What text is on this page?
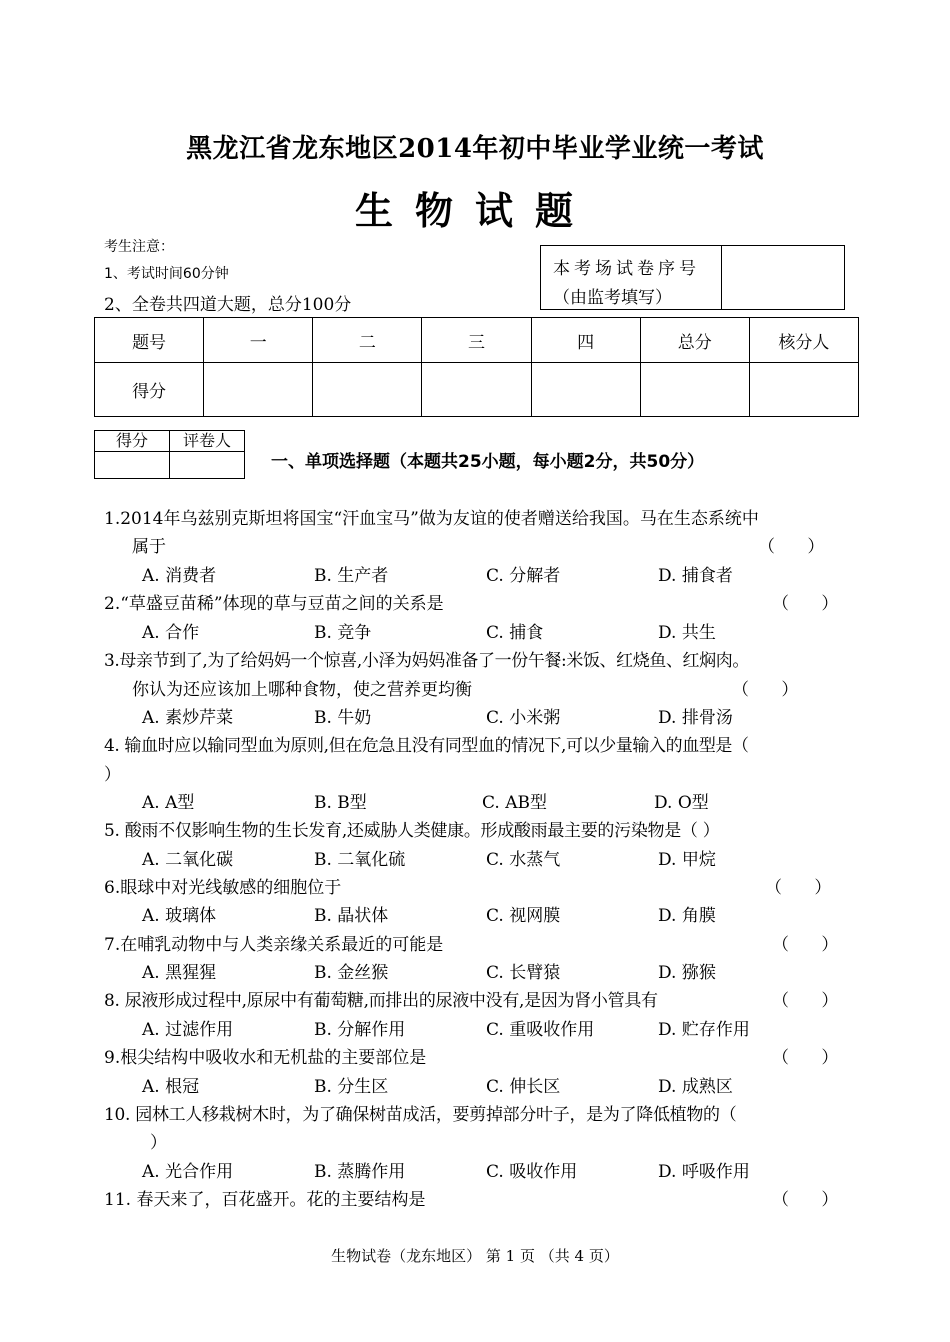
黑龙江省龙东地区2014年初中毕业学业统一考试
生物试题
考生注意：
1、考试时间60分钟
2、全卷共四道大题，总分100分
本考场试卷序号
（由监考填写）
题号	一	二	三	四	总分	核分人
得分						
得分	评卷人

一、单项选择题（本题共25小题，每小题2分，共50分）
1.2014年乌兹别克斯坦将国宝“汗血宝马”做为友谊的使者赠送给我国。马在生态系统中
属于	（      ）
A. 消费者	B. 生产者	C. 分解者	D. 捕食者
2.“草盛豆苗稀”体现的草与豆苗之间的关系是	（      ）
A. 合作	B. 竞争	C. 捕食	D. 共生
3.母亲节到了,为了给妈妈一个惊喜,小泽为妈妈准备了一份午餐:米饭、红烧鱼、红焖肉。
你认为还应该加上哪种食物，使之营养更均衡	（      ）
A. 素炒芹菜	B. 牛奶	C. 小米粥	D. 排骨汤
4. 输血时应以输同型血为原则,但在危急且没有同型血的情况下,可以少量输入的血型是（
）
A. A型	B. B型	C. AB型	D. O型
5. 酸雨不仅影响生物的生长发育,还威胁人类健康。形成酸雨最主要的污染物是（ ）
A. 二氧化碳	B. 二氧化硫	C. 水蒸气	D. 甲烷
6.眼球中对光线敏感的细胞位于	（      ）
A. 玻璃体	B. 晶状体	C. 视网膜	D. 角膜
7.在哺乳动物中与人类亲缘关系最近的可能是	（      ）
A. 黑猩猩	B. 金丝猴	C. 长臂猿	D. 猕猴
8. 尿液形成过程中,原尿中有葡萄糖,而排出的尿液中没有,是因为肾小管具有	（      ）
A. 过滤作用	B. 分解作用	C. 重吸收作用	D. 贮存作用
9.根尖结构中吸收水和无机盐的主要部位是	（      ）
A. 根冠	B. 分生区	C. 伸长区	D. 成熟区
10. 园林工人移栽树木时，为了确保树苗成活，要剪掉部分叶子，是为了降低植物的（
）
A. 光合作用	B. 蒸腾作用	C. 吸收作用	D. 呼吸作用
11. 春天来了，百花盛开。花的主要结构是	（      ）
生物试卷（龙东地区） 第 1 页 （共 4 页）
